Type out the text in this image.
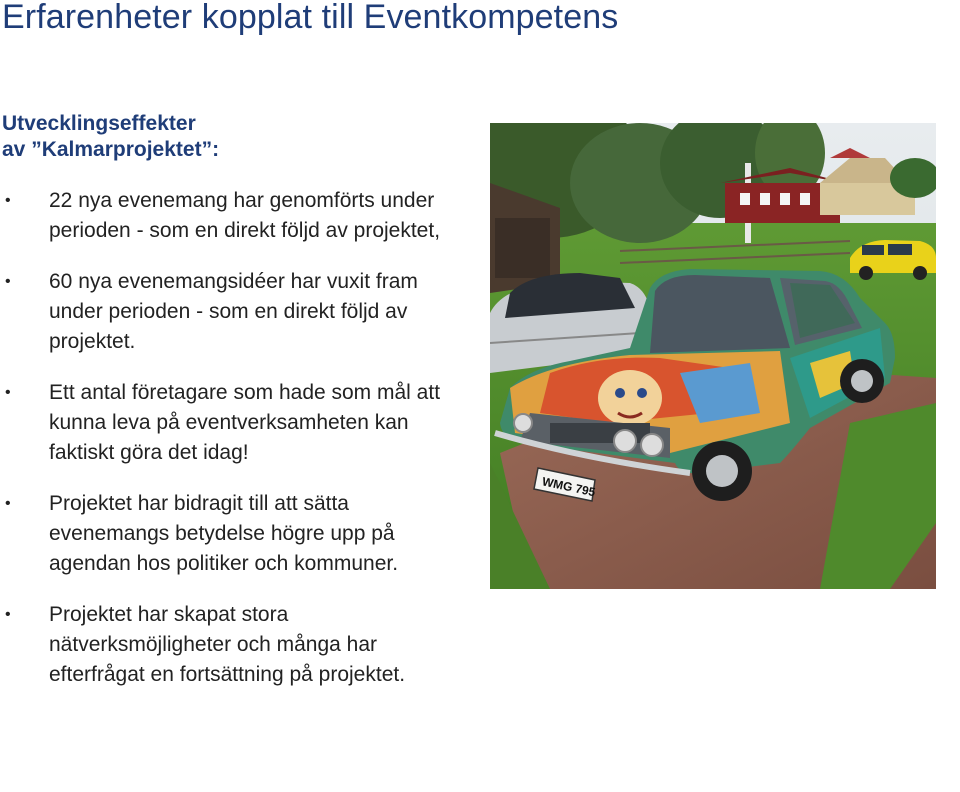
Erfarenheter kopplat till Eventkompetens
Utvecklingseffekter
av ”Kalmarprojektet”:
• 22 nya evenemang har genomförts under perioden - som en direkt följd av projektet,
• 60 nya evenemangsidéer har vuxit fram under perioden - som en direkt följd av projektet.
• Ett antal företagare som hade som mål att kunna leva på eventverksamheten kan faktiskt göra det idag!
• Projektet har bidragit till att sätta evenemangs betydelse högre upp på agendan hos politiker och kommuner.
• Projektet har skapat stora nätverksmöjligheter och många har efterfrågat en fortsättning på projektet.
WMG 795
